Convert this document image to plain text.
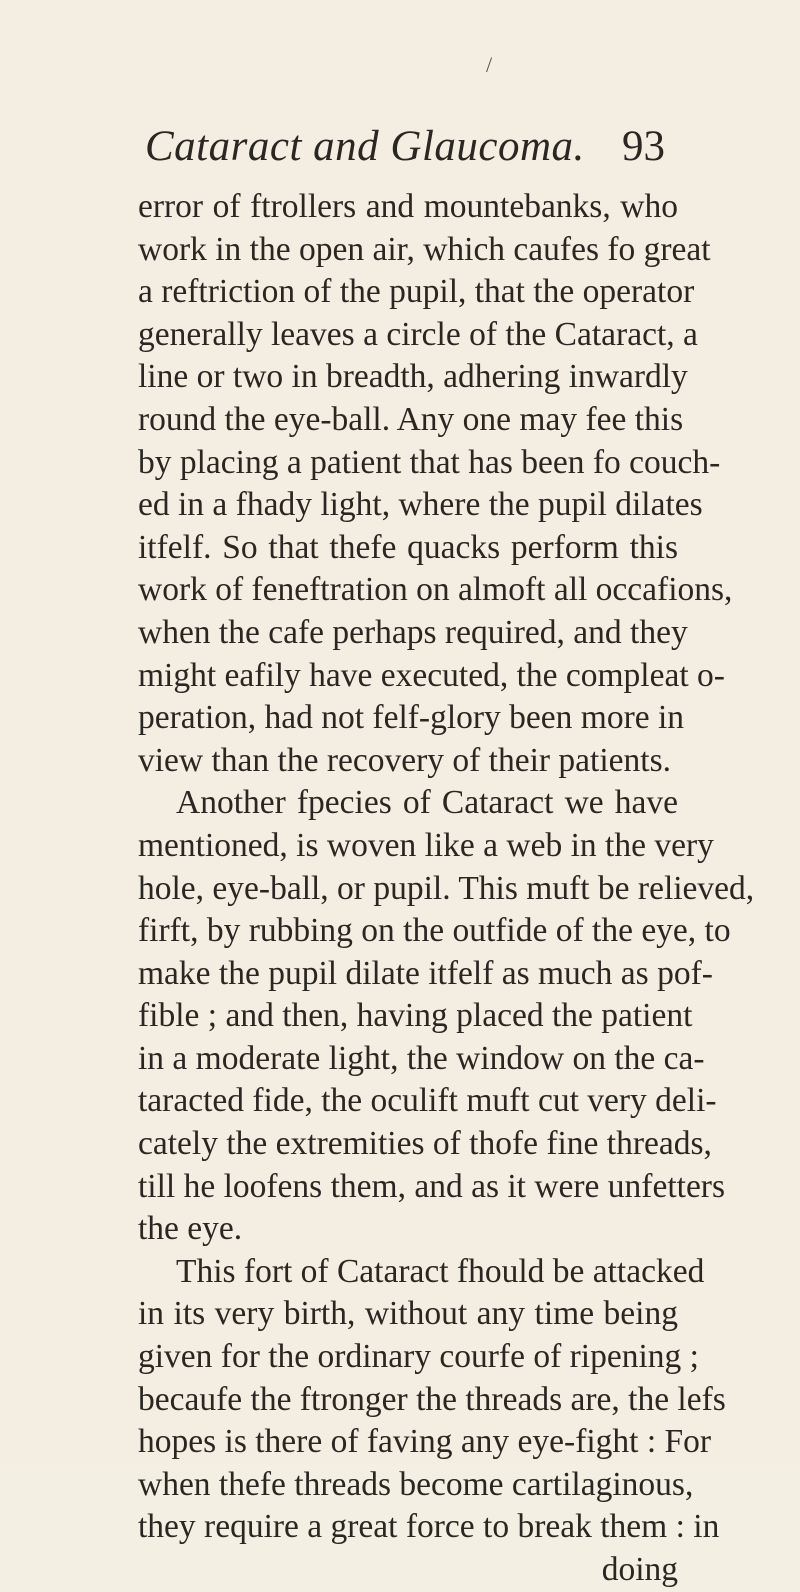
/
Cataract and Glaucoma. 93
error of ftrollers and mountebanks, who
work in the open air, which caufes fo great
a reftriction of the pupil, that the operator
generally leaves a circle of the Cataract, a
line or two in breadth, adhering inwardly
round the eye-ball. Any one may fee this
by placing a patient that has been fo couch-
ed in a fhady light, where the pupil dilates
itfelf. So that thefe quacks perform this
work of feneftration on almoft all occafions,
when the cafe perhaps required, and they
might eafily have executed, the compleat o-
peration, had not felf-glory been more in
view than the recovery of their patients.
Another fpecies of Cataract we have
mentioned, is woven like a web in the very
hole, eye-ball, or pupil. This muft be relieved,
firft, by rubbing on the outfide of the eye, to
make the pupil dilate itfelf as much as pof-
fible ; and then, having placed the patient
in a moderate light, the window on the ca-
taracted fide, the oculift muft cut very deli-
cately the extremities of thofe fine threads,
till he loofens them, and as it were unfetters
the eye.
This fort of Cataract fhould be attacked
in its very birth, without any time being
given for the ordinary courfe of ripening ;
becaufe the ftronger the threads are, the lefs
hopes is there of faving any eye-fight : For
when thefe threads become cartilaginous,
they require a great force to break them : in
doing
